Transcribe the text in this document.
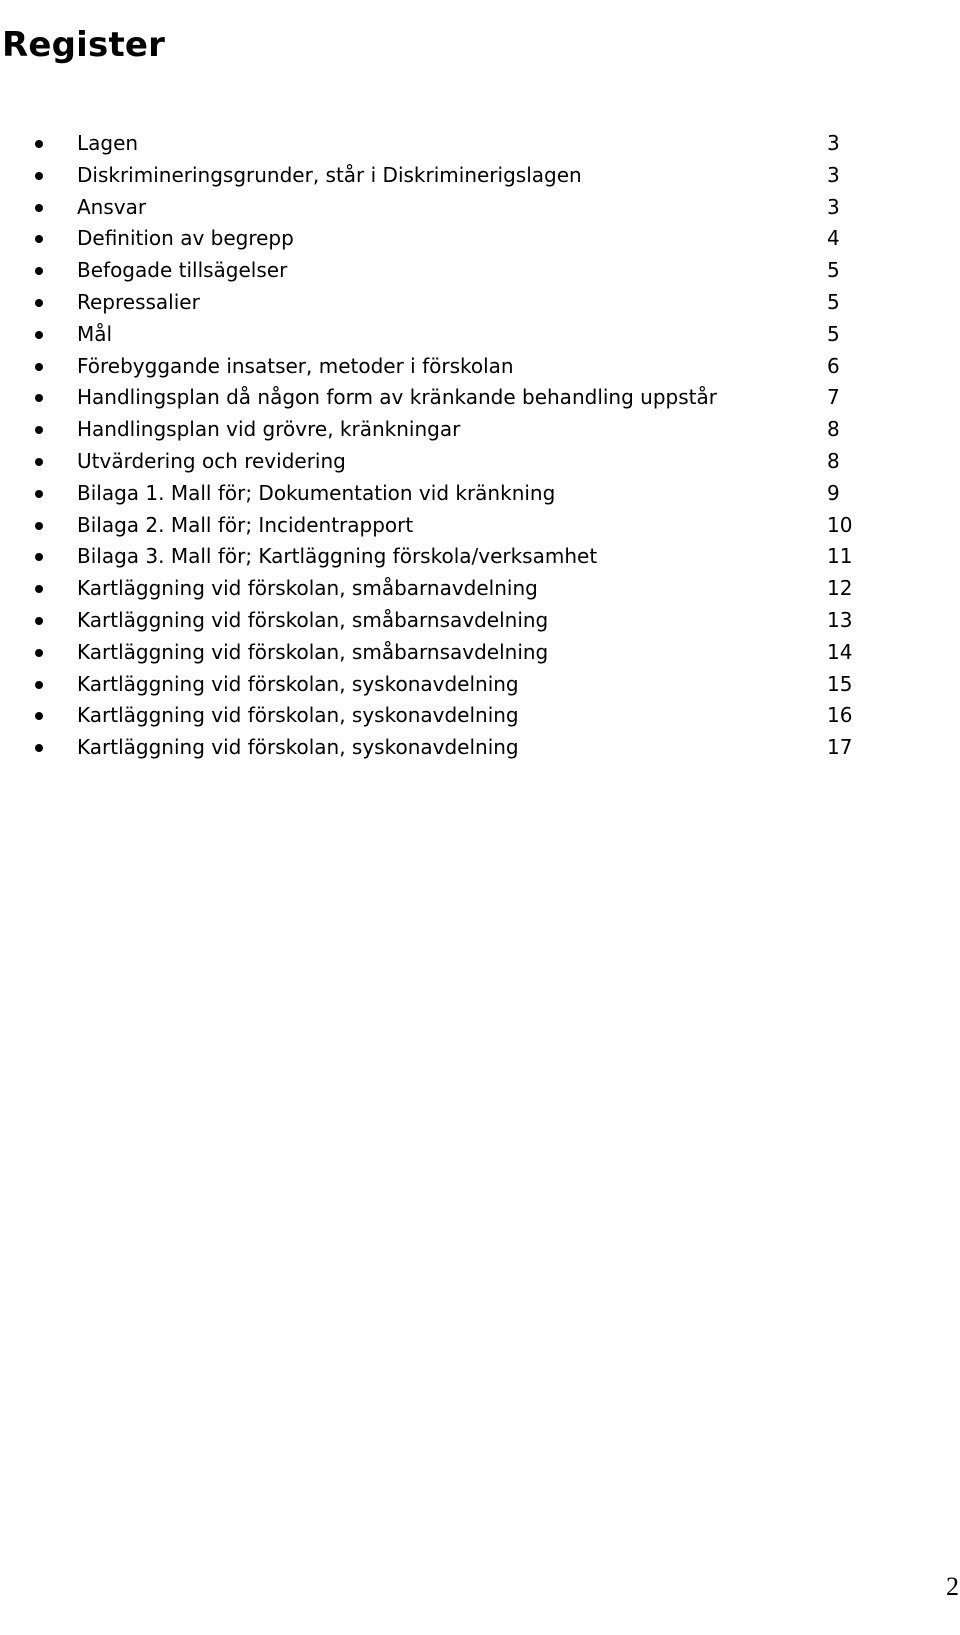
Register
Lagen	3
Diskrimineringsgrunder, står i Diskriminerigslagen	3
Ansvar	3
Definition av begrepp	4
Befogade tillsägelser	5
Repressalier	5
Mål	5
Förebyggande insatser, metoder i förskolan	6
Handlingsplan då någon form av kränkande behandling uppstår	7
Handlingsplan vid grövre, kränkningar	8
Utvärdering och revidering	8
Bilaga 1. Mall för; Dokumentation vid kränkning	9
Bilaga 2. Mall för; Incidentrapport	10
Bilaga 3. Mall för; Kartläggning förskola/verksamhet	11
Kartläggning vid förskolan, småbarnavdelning	12
Kartläggning vid förskolan, småbarnsavdelning	13
Kartläggning vid förskolan, småbarnsavdelning	14
Kartläggning vid förskolan, syskonavdelning	15
Kartläggning vid förskolan, syskonavdelning	16
Kartläggning vid förskolan, syskonavdelning	17
2
